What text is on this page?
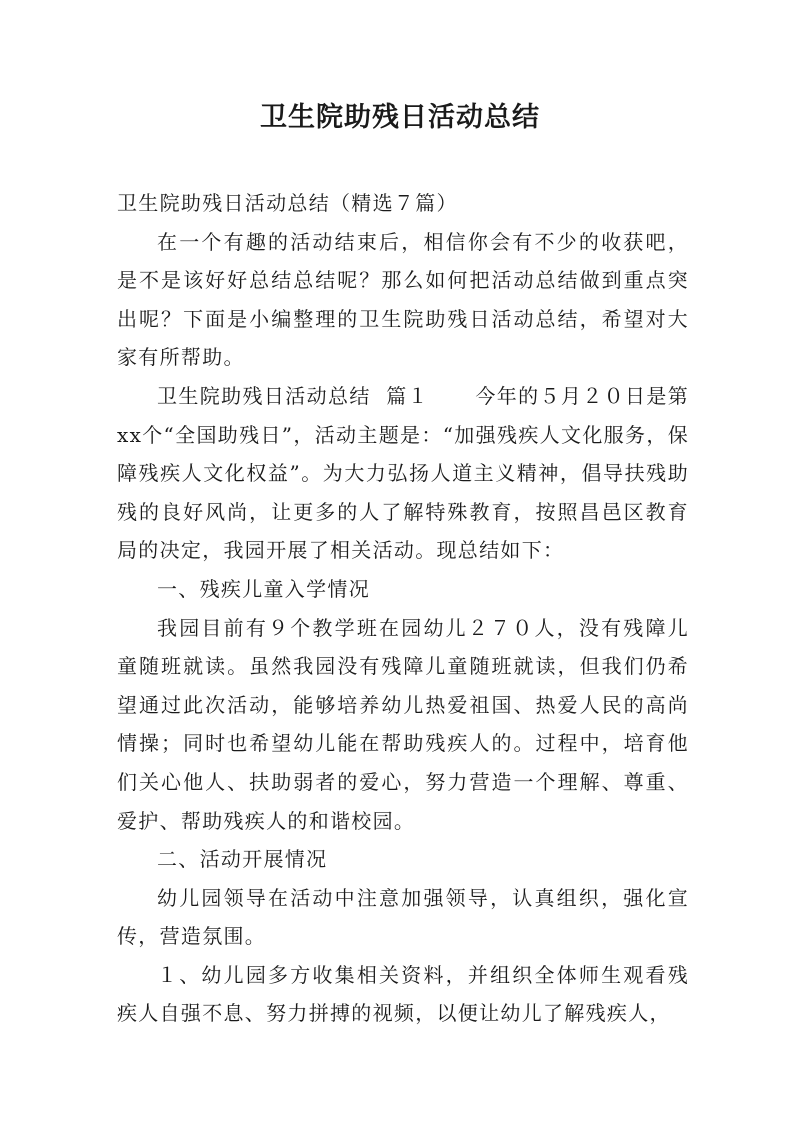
卫生院助残日活动总结

卫生院助残日活动总结（精选７篇）

在一个有趣的活动结束后，相信你会有不少的收获吧，是不是该好好总结总结呢？那么如何把活动总结做到重点突出呢？下面是小编整理的卫生院助残日活动总结，希望对大家有所帮助。

卫生院助残日活动总结  篇１      今年的５月２０日是第xx个“全国助残日”，活动主题是：“加强残疾人文化服务，保障残疾人文化权益”。为大力弘扬人道主义精神，倡导扶残助残的良好风尚，让更多的人了解特殊教育，按照昌邑区教育局的决定，我园开展了相关活动。现总结如下：

一、残疾儿童入学情况

我园目前有９个教学班在园幼儿２７０人，没有残障儿童随班就读。虽然我园没有残障儿童随班就读，但我们仍希望通过此次活动，能够培养幼儿热爱祖国、热爱人民的高尚情操；同时也希望幼儿能在帮助残疾人的。过程中，培育他们关心他人、扶助弱者的爱心，努力营造一个理解、尊重、爱护、帮助残疾人的和谐校园。

二、活动开展情况

幼儿园领导在活动中注意加强领导，认真组织，强化宣传，营造氛围。

１、幼儿园多方收集相关资料，并组织全体师生观看残疾人自强不息、努力拼搏的视频，以便让幼儿了解残疾人，
